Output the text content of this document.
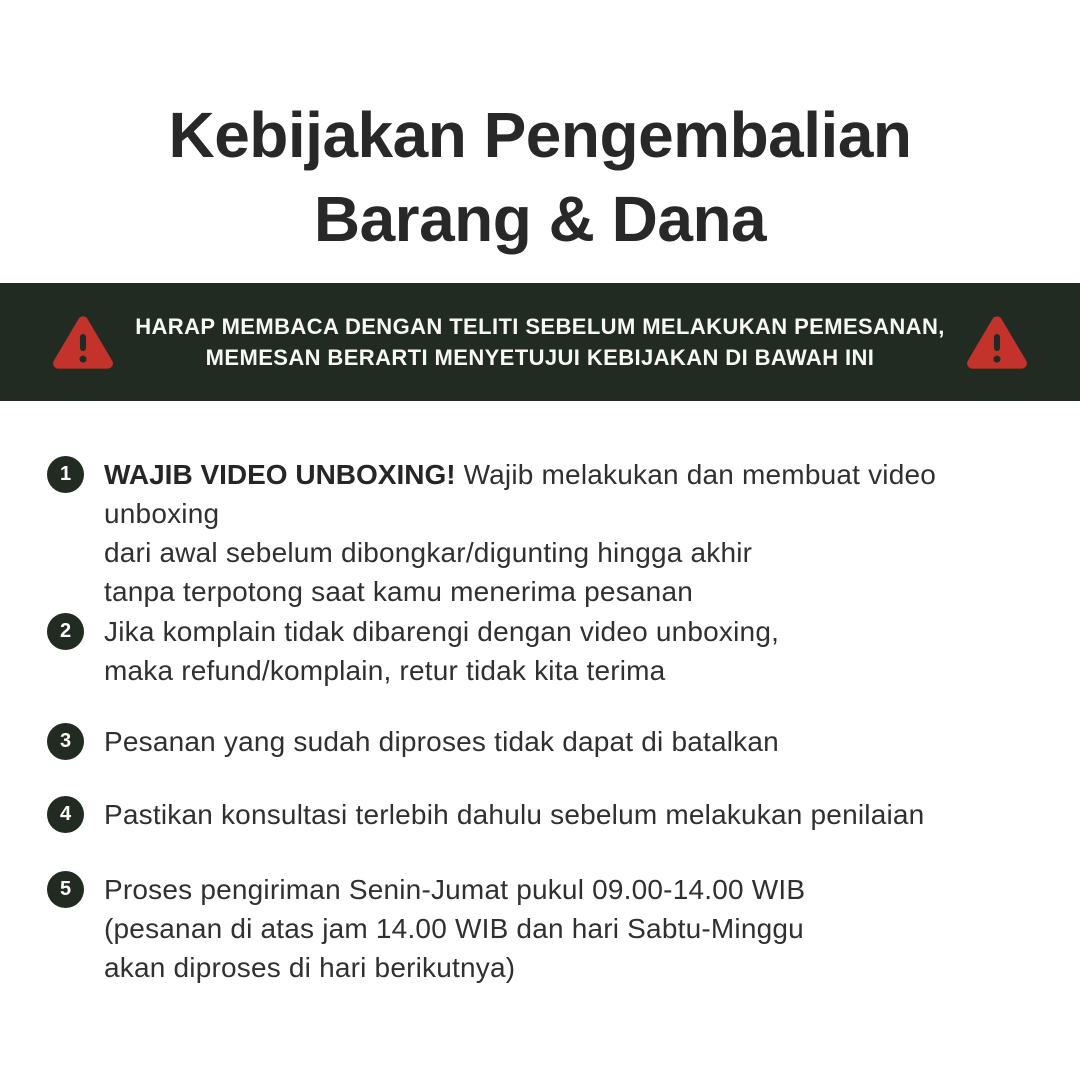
Kebijakan Pengembalian
Barang & Dana
HARAP MEMBACA DENGAN TELITI SEBELUM MELAKUKAN PEMESANAN,
MEMESAN BERARTI MENYETUJUI KEBIJAKAN DI BAWAH INI
1 WAJIB VIDEO UNBOXING! Wajib melakukan dan membuat video unboxing
dari awal sebelum dibongkar/digunting hingga akhir
tanpa terpotong saat kamu menerima pesanan
2 Jika komplain tidak dibarengi dengan video unboxing,
maka refund/komplain, retur tidak kita terima
3 Pesanan yang sudah diproses tidak dapat di batalkan
4 Pastikan konsultasi terlebih dahulu sebelum melakukan penilaian
5 Proses pengiriman Senin-Jumat pukul 09.00-14.00 WIB
(pesanan di atas jam 14.00 WIB dan hari Sabtu-Minggu
akan diproses di hari berikutnya)
